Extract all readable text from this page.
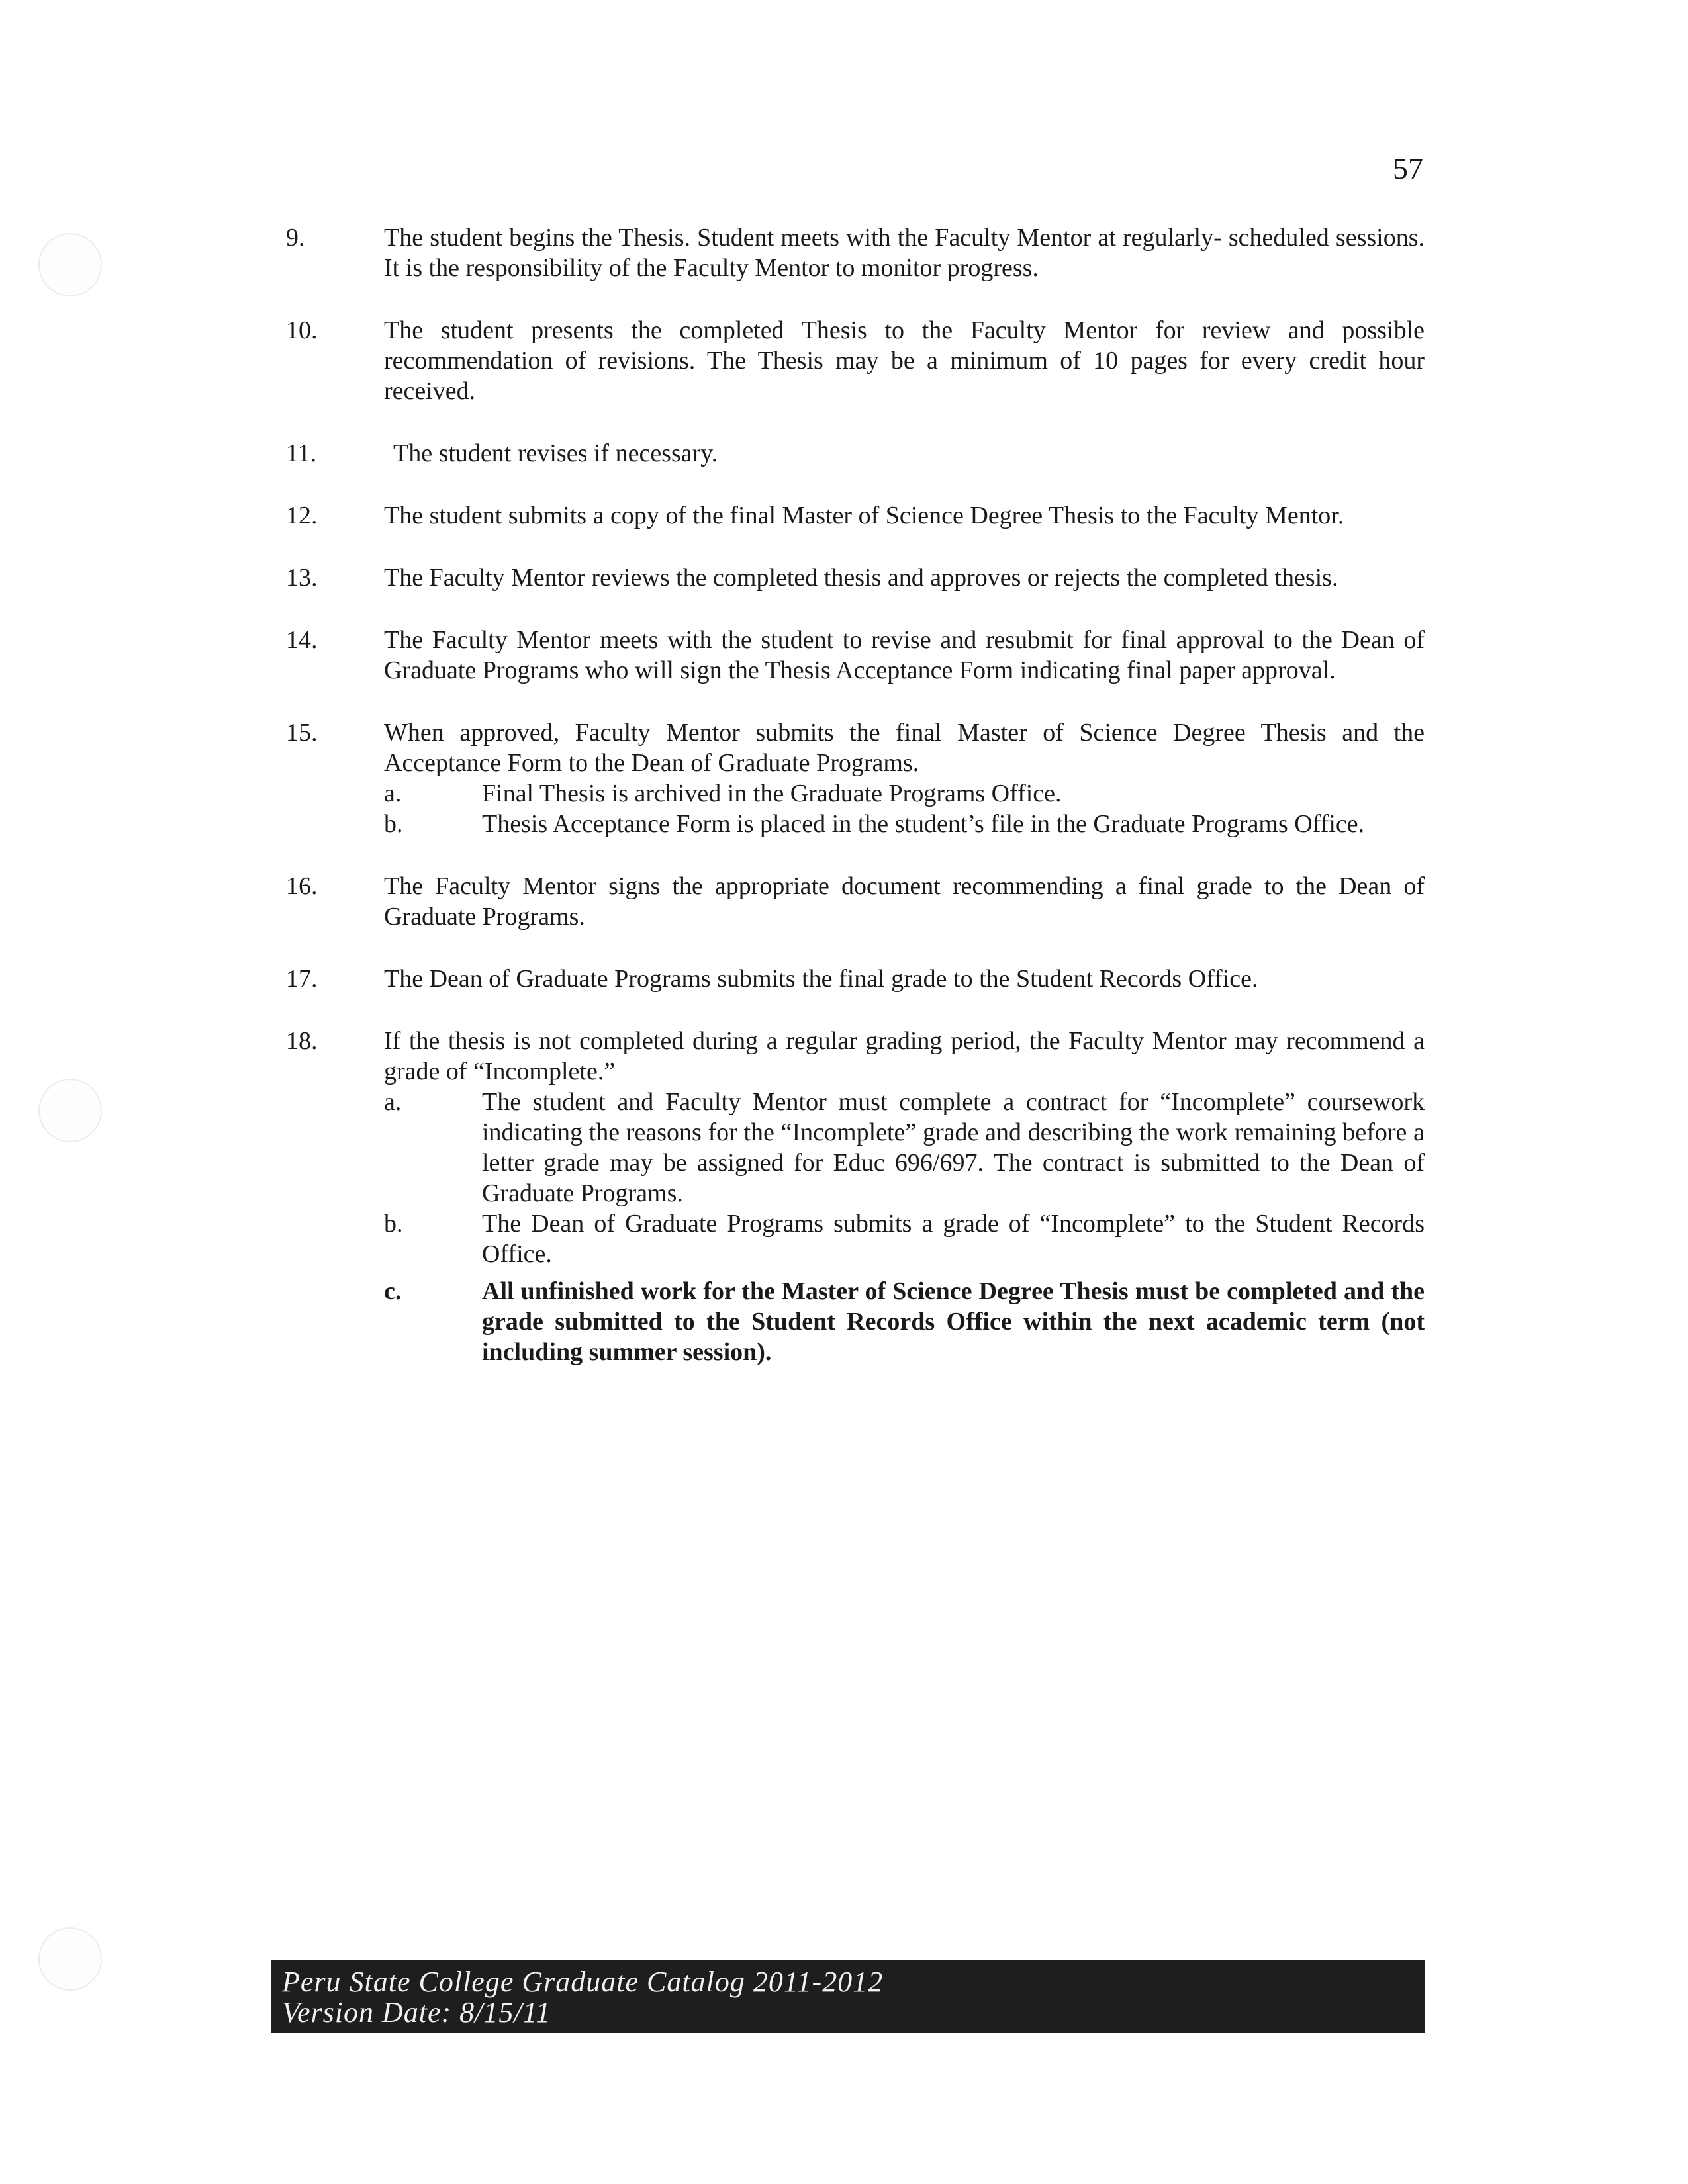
57
9.	The student begins the Thesis. Student meets with the Faculty Mentor at regularly- scheduled sessions. It is the responsibility of the Faculty Mentor to monitor progress.
10.	The student presents the completed Thesis to the Faculty Mentor for review and possible recommendation of revisions. The Thesis may be a minimum of 10 pages for every credit hour received.
11.	The student revises if necessary.
12.	The student submits a copy of the final Master of Science Degree Thesis to the Faculty Mentor.
13.	The Faculty Mentor reviews the completed thesis and approves or rejects the completed thesis.
14.	The Faculty Mentor meets with the student to revise and resubmit for final approval to the Dean of Graduate Programs who will sign the Thesis Acceptance Form indicating final paper approval.
15.	When approved, Faculty Mentor submits the final Master of Science Degree Thesis and the Acceptance Form to the Dean of Graduate Programs.
a.	Final Thesis is archived in the Graduate Programs Office.
b.	Thesis Acceptance Form is placed in the student’s file in the Graduate Programs Office.
16.	The Faculty Mentor signs the appropriate document recommending a final grade to the Dean of Graduate Programs.
17.	The Dean of Graduate Programs submits the final grade to the Student Records Office.
18.	If the thesis is not completed during a regular grading period, the Faculty Mentor may recommend a grade of “Incomplete.”
a.	The student and Faculty Mentor must complete a contract for “Incomplete” coursework indicating the reasons for the “Incomplete” grade and describing the work remaining before a letter grade may be assigned for Educ 696/697. The contract is submitted to the Dean of Graduate Programs.
b.	The Dean of Graduate Programs submits a grade of “Incomplete” to the Student Records Office.
c.	All unfinished work for the Master of Science Degree Thesis must be completed and the grade submitted to the Student Records Office within the next academic term (not including summer session).
Peru State College Graduate Catalog 2011-2012
Version Date: 8/15/11
